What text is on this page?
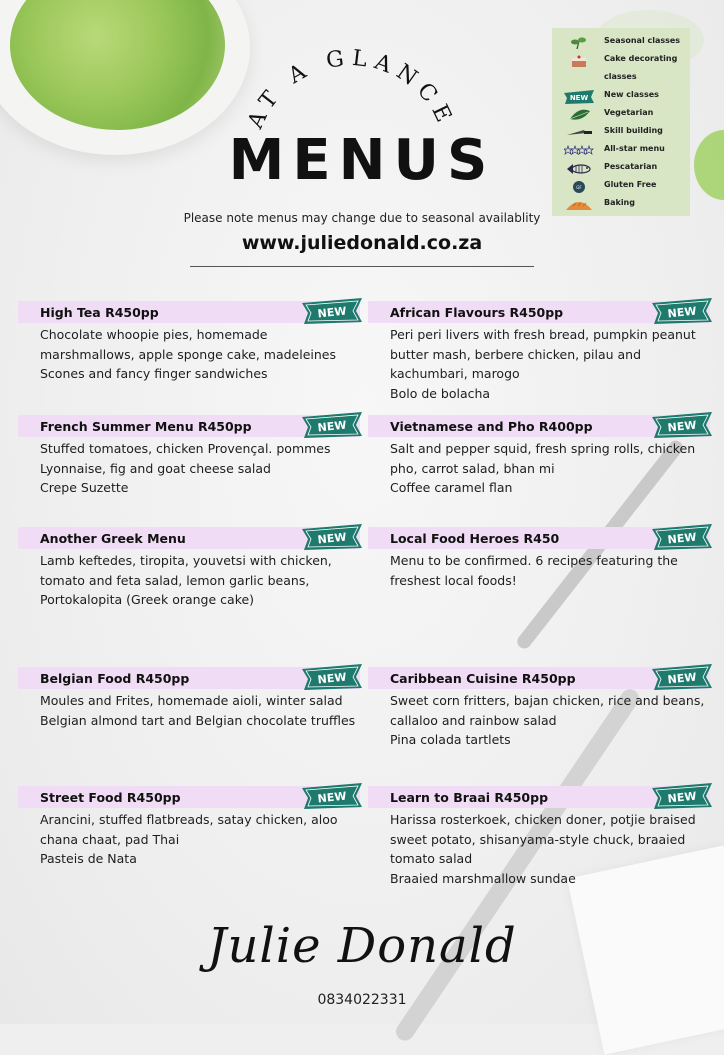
AT A GLANCE
MENUS
Please note menus may change due to seasonal availablity
www.juliedonald.co.za
Seasonal classes
Cake decorating
classes
NEW New classes
Vegetarian
Skill building
All-star menu
Pescatarian
GF	Gluten Free
Baking
High Tea R450pp	NEW
Chocolate whoopie pies, homemade
marshmallows, apple sponge cake, madeleines
Scones and fancy finger sandwiches
African Flavours R450pp	NEW
Peri peri livers with fresh bread, pumpkin peanut
butter mash, berbere chicken, pilau and
kachumbari, marogo
Bolo de bolacha
French Summer Menu R450pp	NEW
Stuffed tomatoes, chicken Provençal. pommes
Lyonnaise, fig and goat cheese salad
Crepe Suzette
Vietnamese and Pho R400pp	NEW
Salt and pepper squid, fresh spring rolls, chicken
pho, carrot salad, bhan mi
Coffee caramel flan
Another Greek Menu	NEW
Lamb keftedes, tiropita, youvetsi with chicken,
tomato and feta salad, lemon garlic beans,
Portokalopita (Greek orange cake)
Local Food Heroes R450	NEW
Menu to be confirmed. 6 recipes featuring the
freshest local foods!
Belgian Food R450pp	NEW
Moules and Frites, homemade aioli, winter salad
Belgian almond tart and Belgian chocolate truffles
Caribbean Cuisine R450pp	NEW
Sweet corn fritters, bajan chicken, rice and beans,
callaloo and rainbow salad
Pina colada tartlets
Street Food R450pp	NEW
Arancini, stuffed flatbreads, satay chicken, aloo
chana chaat, pad Thai
Pasteis de Nata
Learn to Braai R450pp	NEW
Harissa rosterkoek, chicken doner, potjie braised
sweet potato, shisanyama-style chuck, braaied
tomato salad
Braaied marshmallow sundae
Julie Donald
0834022331
